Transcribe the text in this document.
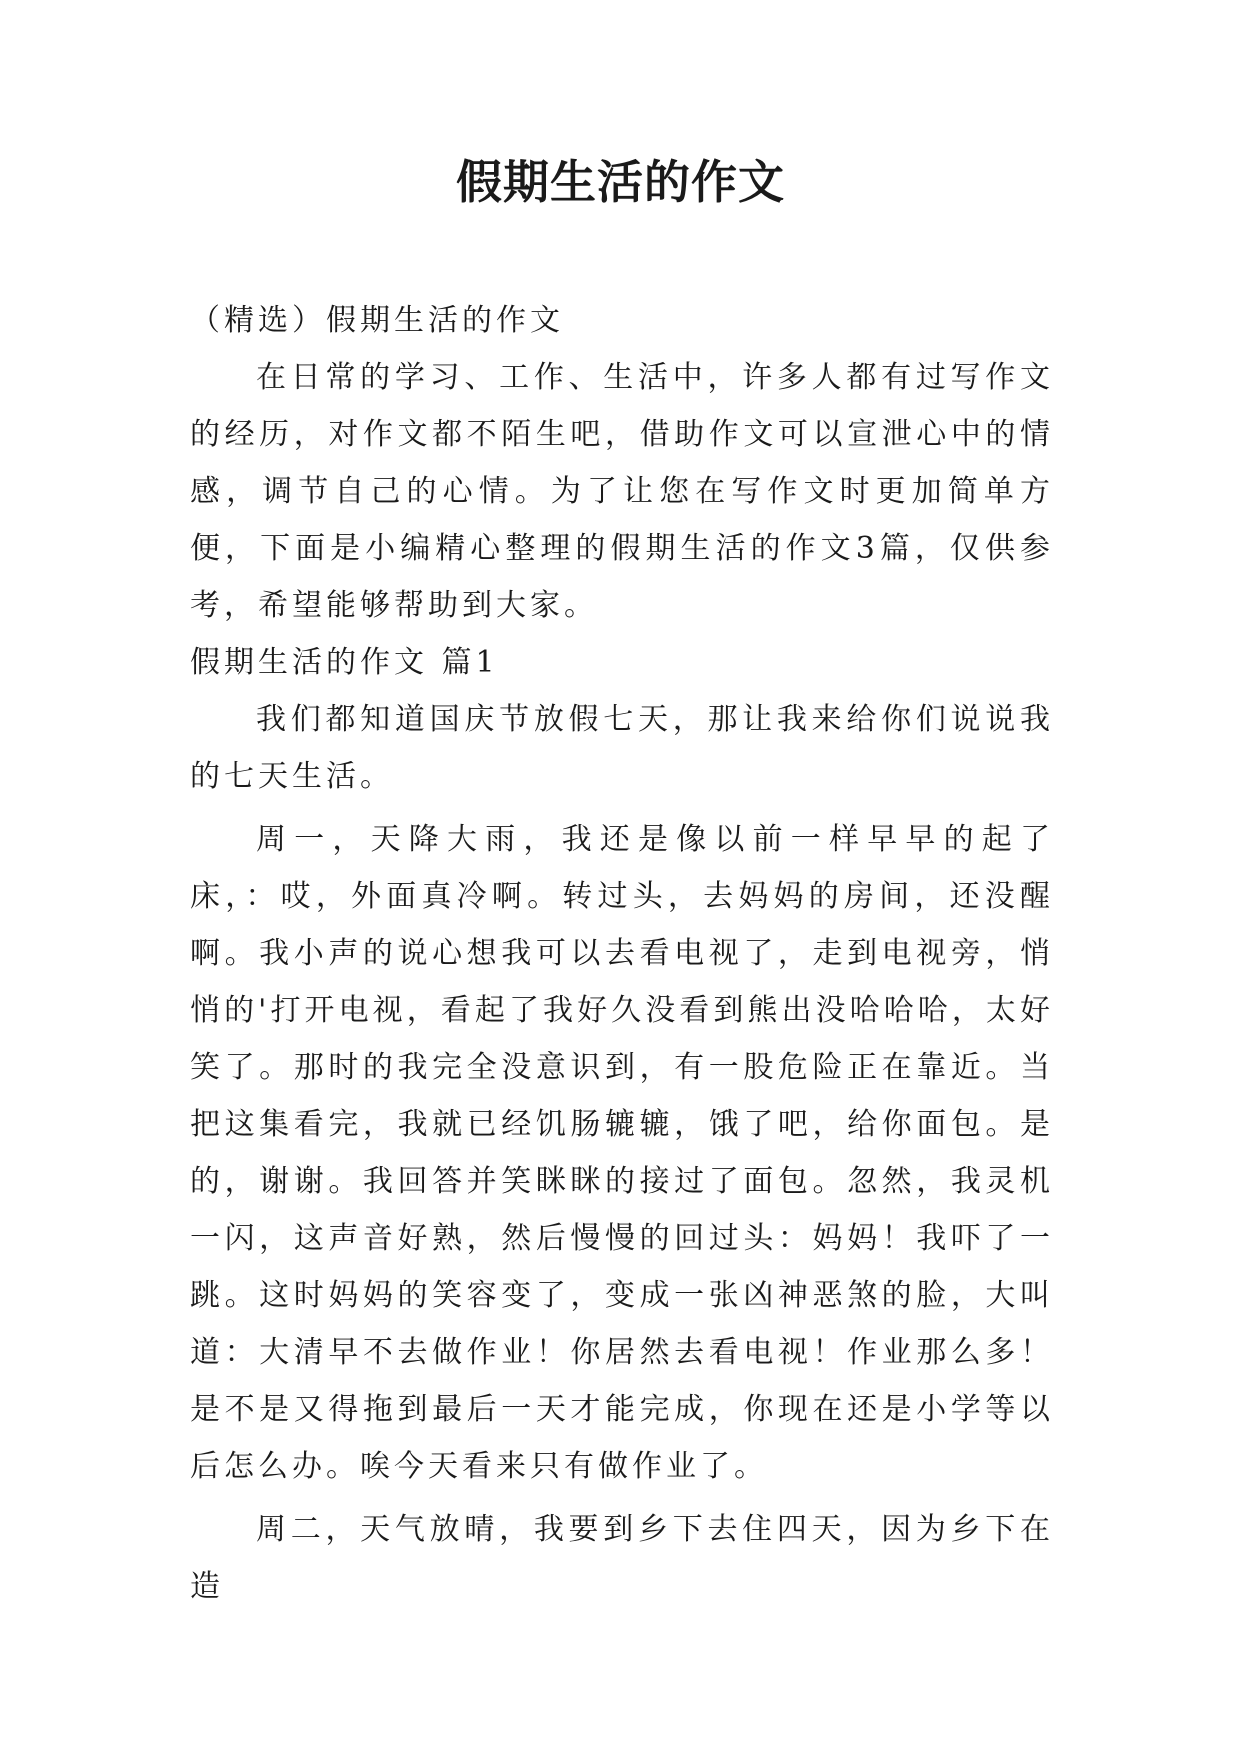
假期生活的作文

（精选）假期生活的作文

在日常的学习、工作、生活中，许多人都有过写作文的经历，对作文都不陌生吧，借助作文可以宣泄心中的情感，调节自己的心情。为了让您在写作文时更加简单方便，下面是小编精心整理的假期生活的作文3篇，仅供参考，希望能够帮助到大家。

假期生活的作文 篇1

我们都知道国庆节放假七天，那让我来给你们说说我的七天生活。

周一，天降大雨，我还是像以前一样早早的起了床，：哎，外面真冷啊。转过头，去妈妈的房间，还没醒啊。我小声的说心想我可以去看电视了，走到电视旁，悄悄的'打开电视，看起了我好久没看到熊出没哈哈哈，太好笑了。那时的我完全没意识到，有一股危险正在靠近。当把这集看完，我就已经饥肠辘辘，饿了吧，给你面包。是的，谢谢。我回答并笑眯眯的接过了面包。忽然，我灵机一闪，这声音好熟，然后慢慢的回过头：妈妈！我吓了一跳。这时妈妈的笑容变了，变成一张凶神恶煞的脸，大叫道：大清早不去做作业！你居然去看电视！作业那么多！是不是又得拖到最后一天才能完成，你现在还是小学等以后怎么办。唉今天看来只有做作业了。

周二，天气放晴，我要到乡下去住四天，因为乡下在造
